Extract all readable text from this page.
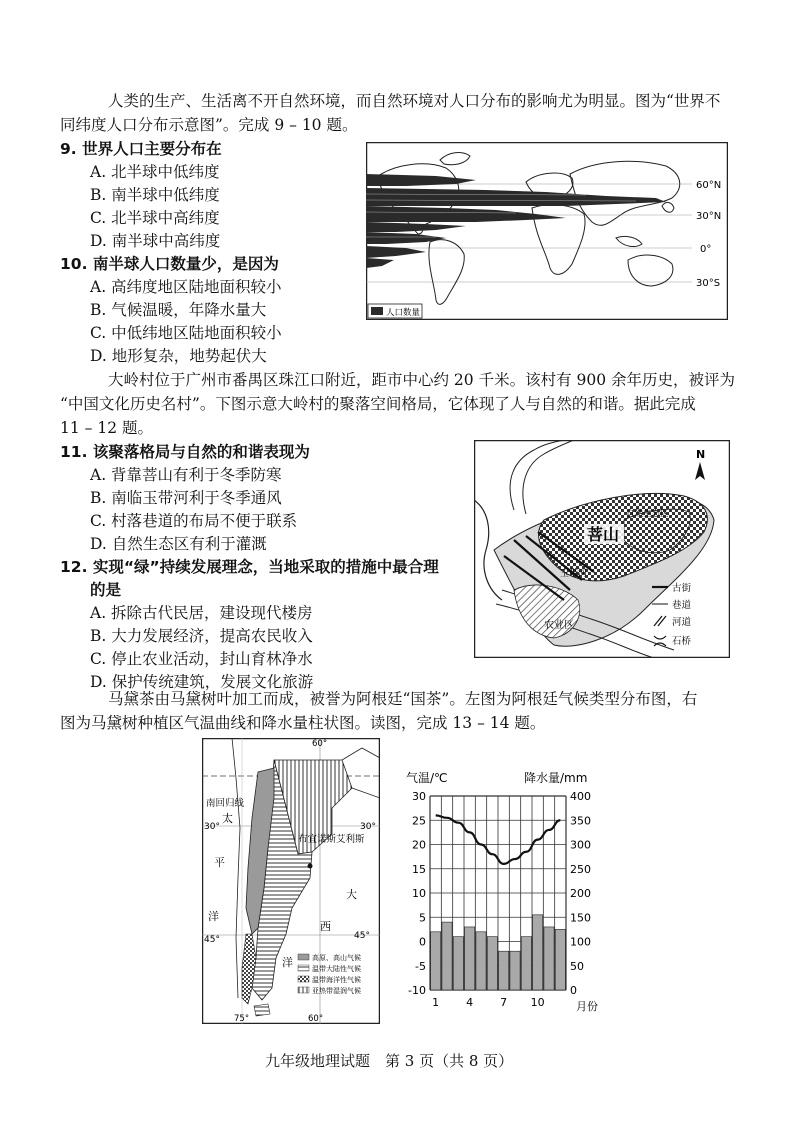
人类的生产、生活离不开自然环境，而自然环境对人口分布的影响尤为明显。图为“世界不
同纬度人口分布示意图”。完成 9 – 10 题。
9. 世界人口主要分布在
A. 北半球中低纬度
B. 南半球中低纬度
C. 北半球中高纬度
D. 南半球中高纬度
10. 南半球人口数量少，是因为
A. 高纬度地区陆地面积较小
B. 气候温暖，年降水量大
C. 中低纬地区陆地面积较小
D. 地形复杂，地势起伏大
60°N
30°N
0°
30°S
人口数量
大岭村位于广州市番禺区珠江口附近，距市中心约 20 千米。该村有 900 余年历史，被评为
“中国文化历史名村”。下图示意大岭村的聚落空间格局，它体现了人与自然的和谐。据此完成
11 – 12 题。
11. 该聚落格局与自然的和谐表现为
A. 背靠菩山有利于冬季防寒
B. 南临玉带河利于冬季通风
C. 村落巷道的布局不便于联系
D. 自然生态区有利于灌溉
12. 实现“绿”持续发展理念，当地采取的措施中最合理
的是
A. 拆除古代民居，建设现代楼房
B. 大力发展经济，提高农民收入
C. 停止农业活动，封山育林净水
D. 保护传统建筑，发展文化旅游
N
菩山
自然生态区
玉带河
农业区
古街
巷道
河道
石桥
马黛茶由马黛树叶加工而成，被誉为阿根廷“国茶”。左图为阿根廷气候类型分布图，右
图为马黛树种植区气温曲线和降水量柱状图。读图，完成 13 – 14 题。
布宜诺斯艾利斯
南回归线
太
平
洋
洋
大
西
30°	30°
45°	45°
60°
75°	60°
高原、高山气候
温带大陆性气候
温带海洋性气候
亚热带湿润气候
气温/℃	降水量/mm
30
25
20
15
10
5
0
-5
-10
400
350
300
250
200
150
100
50
0
1 4 7 10	月份
九年级地理试题　第 3 页（共 8 页）
